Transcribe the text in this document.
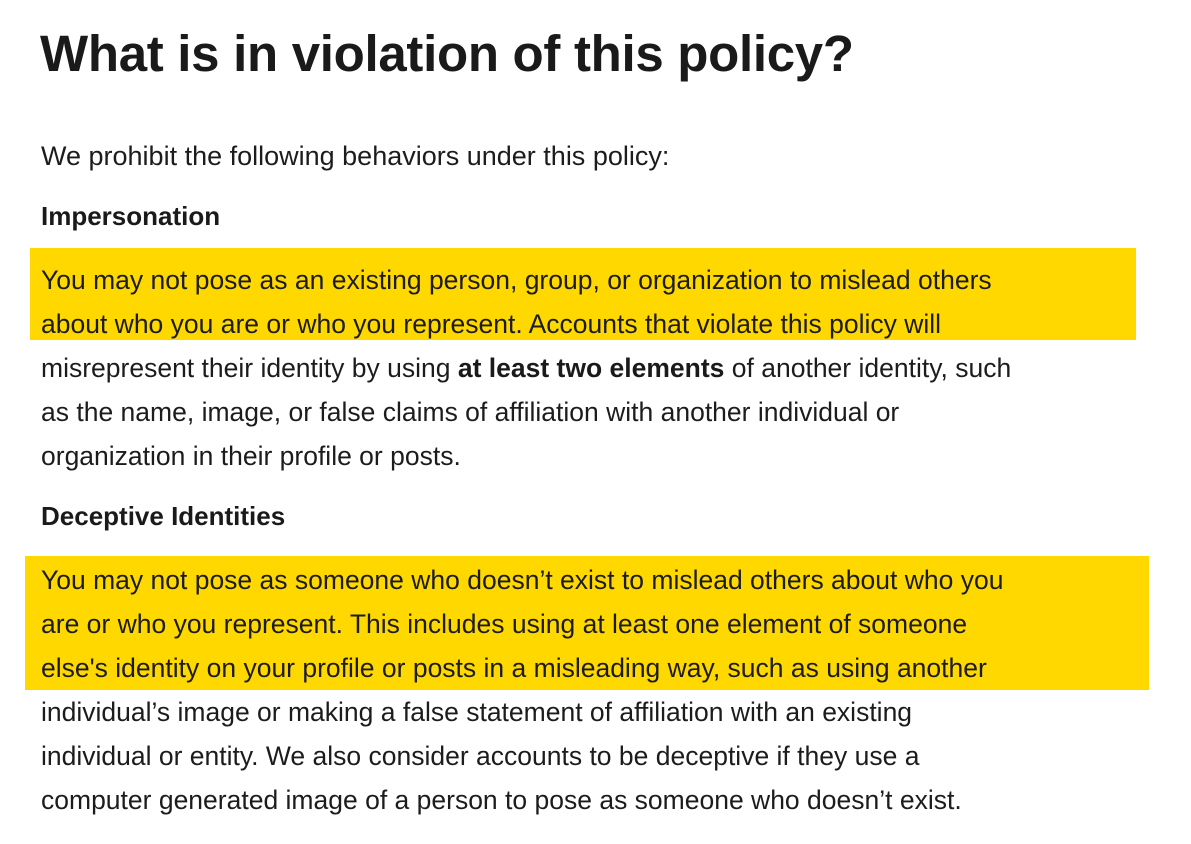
What is in violation of this policy?

We prohibit the following behaviors under this policy:

Impersonation

You may not pose as an existing person, group, or organization to mislead others
about who you are or who you represent. Accounts that violate this policy will
misrepresent their identity by using at least two elements of another identity, such
as the name, image, or false claims of affiliation with another individual or
organization in their profile or posts.

Deceptive Identities

You may not pose as someone who doesn’t exist to mislead others about who you
are or who you represent. This includes using at least one element of someone
else's identity on your profile or posts in a misleading way, such as using another
individual’s image or making a false statement of affiliation with an existing
individual or entity. We also consider accounts to be deceptive if they use a
computer generated image of a person to pose as someone who doesn’t exist.
